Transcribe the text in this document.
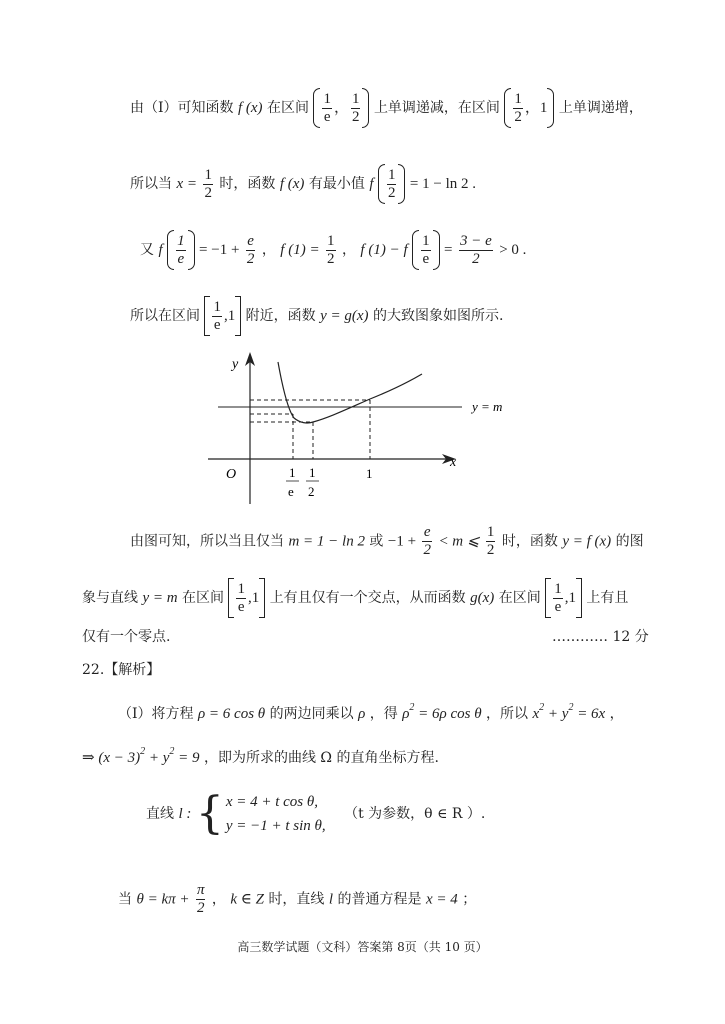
由（Ⅰ）可知函数 f (x) 在区间
1
e
，
1
2
上单调递减，在区间
1
2
， 1 上单调递增，
所以当 $x = \frac{1}{2}$ 时，函数 f (x) 有最小值 f
1
2
= 1 − ln 2 .
又 f
1
e
= $-1 + \frac{e}{2}$ ， f $(1) = \frac{1}{2}$ ， f (1) − f
1
e
= $\frac{3 - e}{2} > 0$ .
所以在区间
1
e
, 1 附近，函数 y = g(x) 的大致图象如图所示.
y
x
O
y = m
1
e
1
2
1
由图可知，所以当且仅当 m = 1 − ln 2 或 $-1 + \frac{e}{2} < m$ ⩽ $\frac{1}{2}$ 时，函数 y = f (x) 的图
象与直线 y = m 在区间
1
e
, 1 上有且仅有一个交点，从而函数 g(x) 在区间
1
e
, 1 上有且
仅有一个零点.	………… 12 分
22.【解析】
（Ⅰ）将方程 ρ = 6 cos θ 的两边同乘以 ρ ，得 $\rho^2 = 6\rho$ cos θ ，所以 $x^2 + y^2 = 6x$ ，
⇒ $(x - 3)^2 + y^2 = 9$ ，即为所求的曲线 Ω 的直角坐标方程.
直线 l : { x = 4 + t cos θ,
y = −1 + t sin θ,
（t 为参数，θ ∈ R ）.
当 $\theta = k\pi + \frac{\pi}{2}$ ， k ∈ Z 时，直线 l 的普通方程是 x = 4 ；
高三数学试题（文科）答案第 8页（共 10 页）
